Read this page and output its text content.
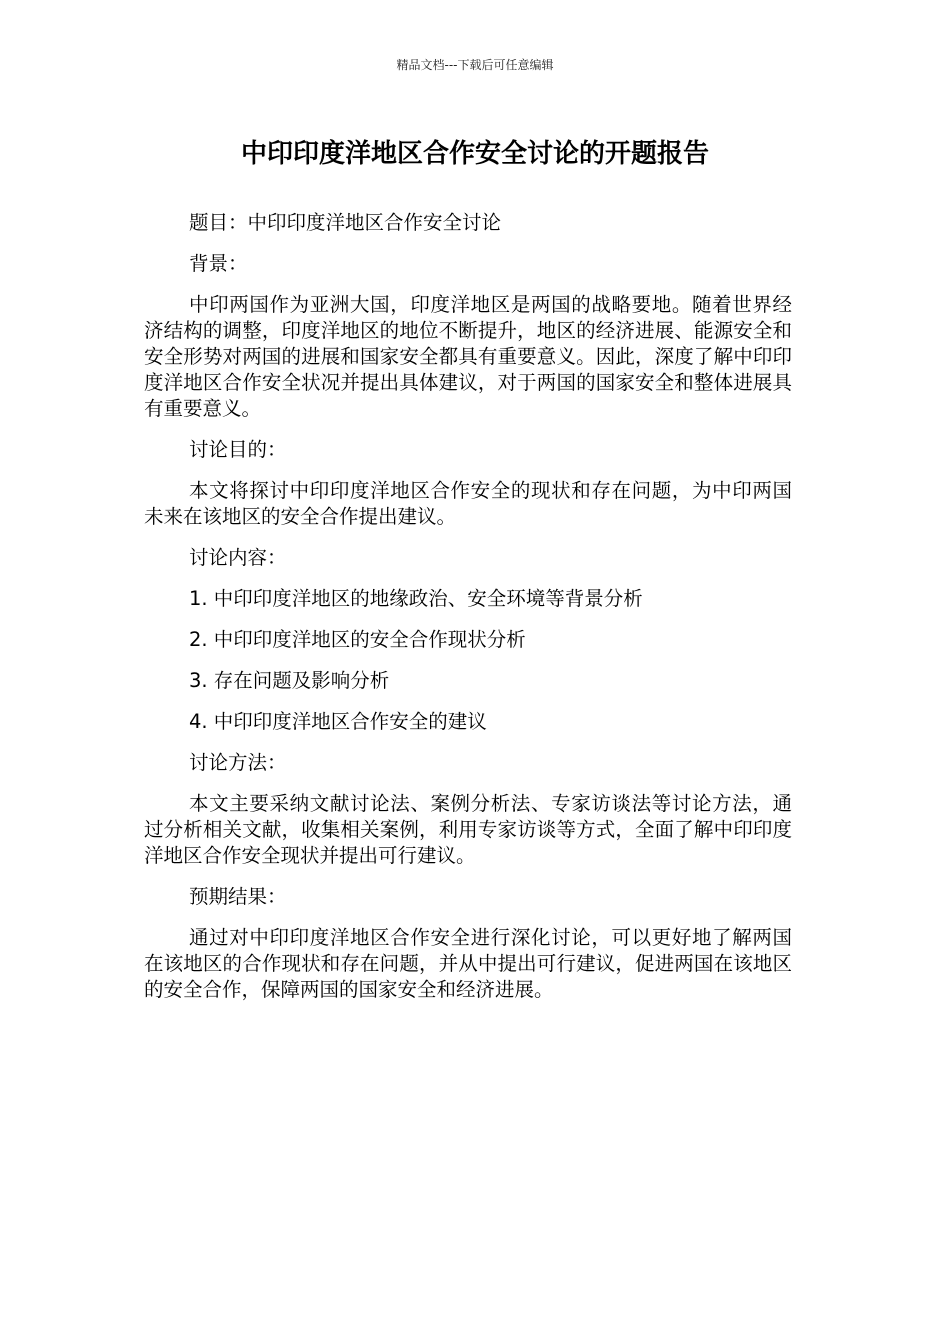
精品文档---下载后可任意编辑
中印印度洋地区合作安全讨论的开题报告

题目：中印印度洋地区合作安全讨论

背景：

中印两国作为亚洲大国，印度洋地区是两国的战略要地。随着世界经济结构的调整，印度洋地区的地位不断提升，地区的经济进展、能源安全和安全形势对两国的进展和国家安全都具有重要意义。因此，深度了解中印印度洋地区合作安全状况并提出具体建议，对于两国的国家安全和整体进展具有重要意义。

讨论目的：

本文将探讨中印印度洋地区合作安全的现状和存在问题，为中印两国未来在该地区的安全合作提出建议。

讨论内容：

1. 中印印度洋地区的地缘政治、安全环境等背景分析
2. 中印印度洋地区的安全合作现状分析
3. 存在问题及影响分析
4. 中印印度洋地区合作安全的建议

讨论方法：

本文主要采纳文献讨论法、案例分析法、专家访谈法等讨论方法，通过分析相关文献，收集相关案例，利用专家访谈等方式，全面了解中印印度洋地区合作安全现状并提出可行建议。

预期结果：

通过对中印印度洋地区合作安全进行深化讨论，可以更好地了解两国在该地区的合作现状和存在问题，并从中提出可行建议，促进两国在该地区的安全合作，保障两国的国家安全和经济进展。
